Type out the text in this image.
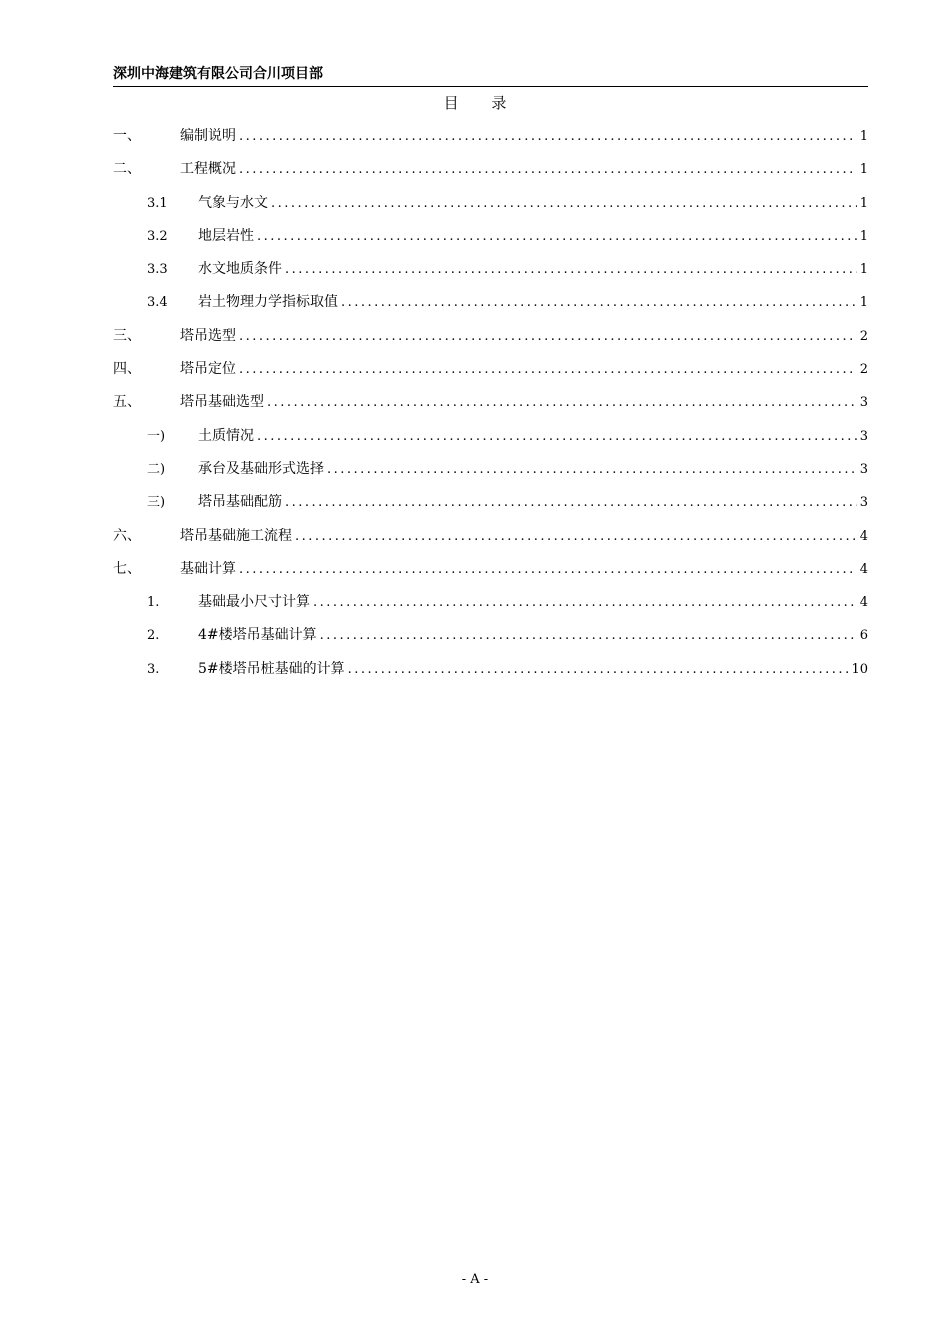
深圳中海建筑有限公司合川项目部
目 录
一、	编制说明 .....	1
二、	工程概况 .....	1
3.1	气象与水文 .....	1
3.2	地层岩性 .....	1
3.3	水文地质条件 .....	1
3.4	岩土物理力学指标取值 .....	1
三、	塔吊选型 .....	2
四、	塔吊定位 .....	2
五、	塔吊基础选型 .....	3
一)	土质情况 .....	3
二)	承台及基础形式选择 .....	3
三)	塔吊基础配筋 .....	3
六、	塔吊基础施工流程 .....	4
七、	基础计算 .....	4
1.	基础最小尺寸计算 .....	4
2.	4#楼塔吊基础计算 .....	6
3.	5#楼塔吊桩基础的计算 .....	10
- A -
